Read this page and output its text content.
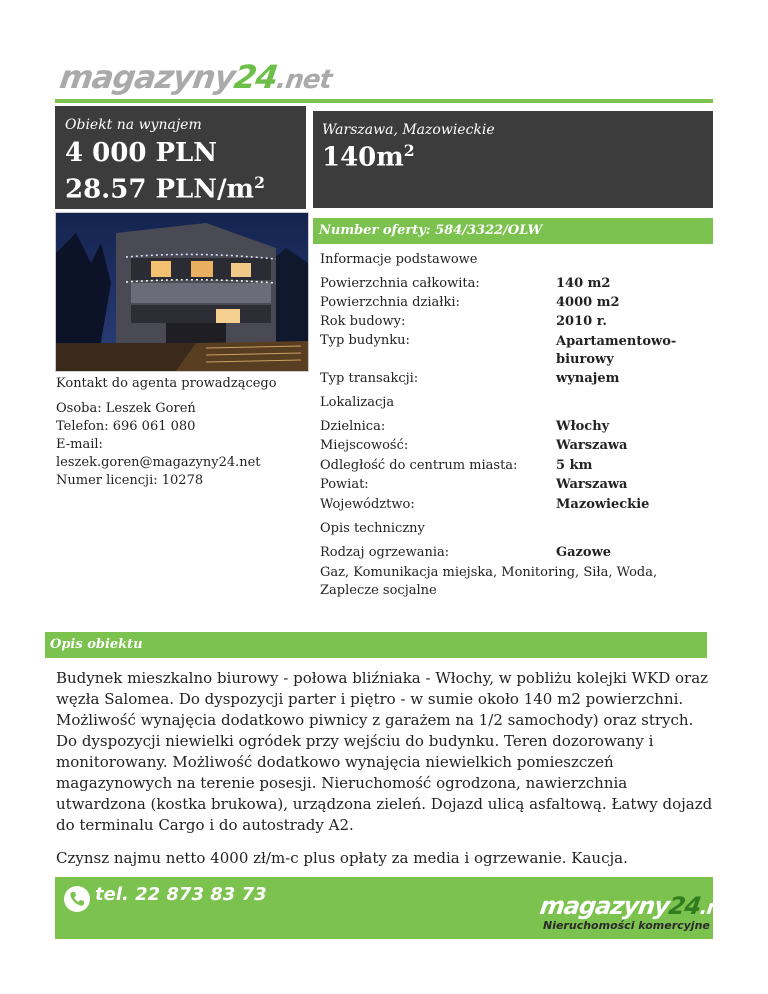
magazyny24.net
Obiekt na wynajem
4 000 PLN
28.57 PLN/$m^2$
Warszawa, Mazowieckie
$140m^2$
Number oferty: 584/3322/OLW
Kontakt do agenta prowadzącego
Osoba: Leszek Goreń
Telefon: 696 061 080
E-mail:
leszek.goren@magazyny24.net
Numer licencji: 10278
Informacje podstawowe
Powierzchnia całkowita:	140 m2
Powierzchnia działki:	4000 m2
Rok budowy:	2010 r.
Typ budynku:	Apartamentowo-biurowy
Typ transakcji:	wynajem
Lokalizacja
Dzielnica:	Włochy
Miejscowość:	Warszawa
Odległość do centrum miasta:	5 km
Powiat:	Warszawa
Województwo:	Mazowieckie
Opis techniczny
Rodzaj ogrzewania:	Gazowe
Gaz, Komunikacja miejska, Monitoring, Siła, Woda, Zaplecze socjalne
Opis obiektu
Budynek mieszkalno biurowy - połowa bliźniaka - Włochy, w pobliżu kolejki WKD oraz węzła Salomea. Do dyspozycji parter i piętro - w sumie około 140 m2 powierzchni. Możliwość wynajęcia dodatkowo piwnicy z garażem na 1/2 samochody) oraz strych. Do dyspozycji niewielki ogródek przy wejściu do budynku. Teren dozorowany i monitorowany. Możliwość dodatkowo wynajęcia niewielkich pomieszczeń magazynowych na terenie posesji. Nieruchomość ogrodzona, nawierzchnia utwardzona (kostka brukowa), urządzona zieleń. Dojazd ulicą asfaltową. Łatwy dojazd do terminalu Cargo i do autostrady A2.
Czynsz najmu netto 4000 zł/m-c plus opłaty za media i ogrzewanie. Kaucja.
tel. 22 873 83 73	magazyny24.net
Nieruchomości komercyjne
